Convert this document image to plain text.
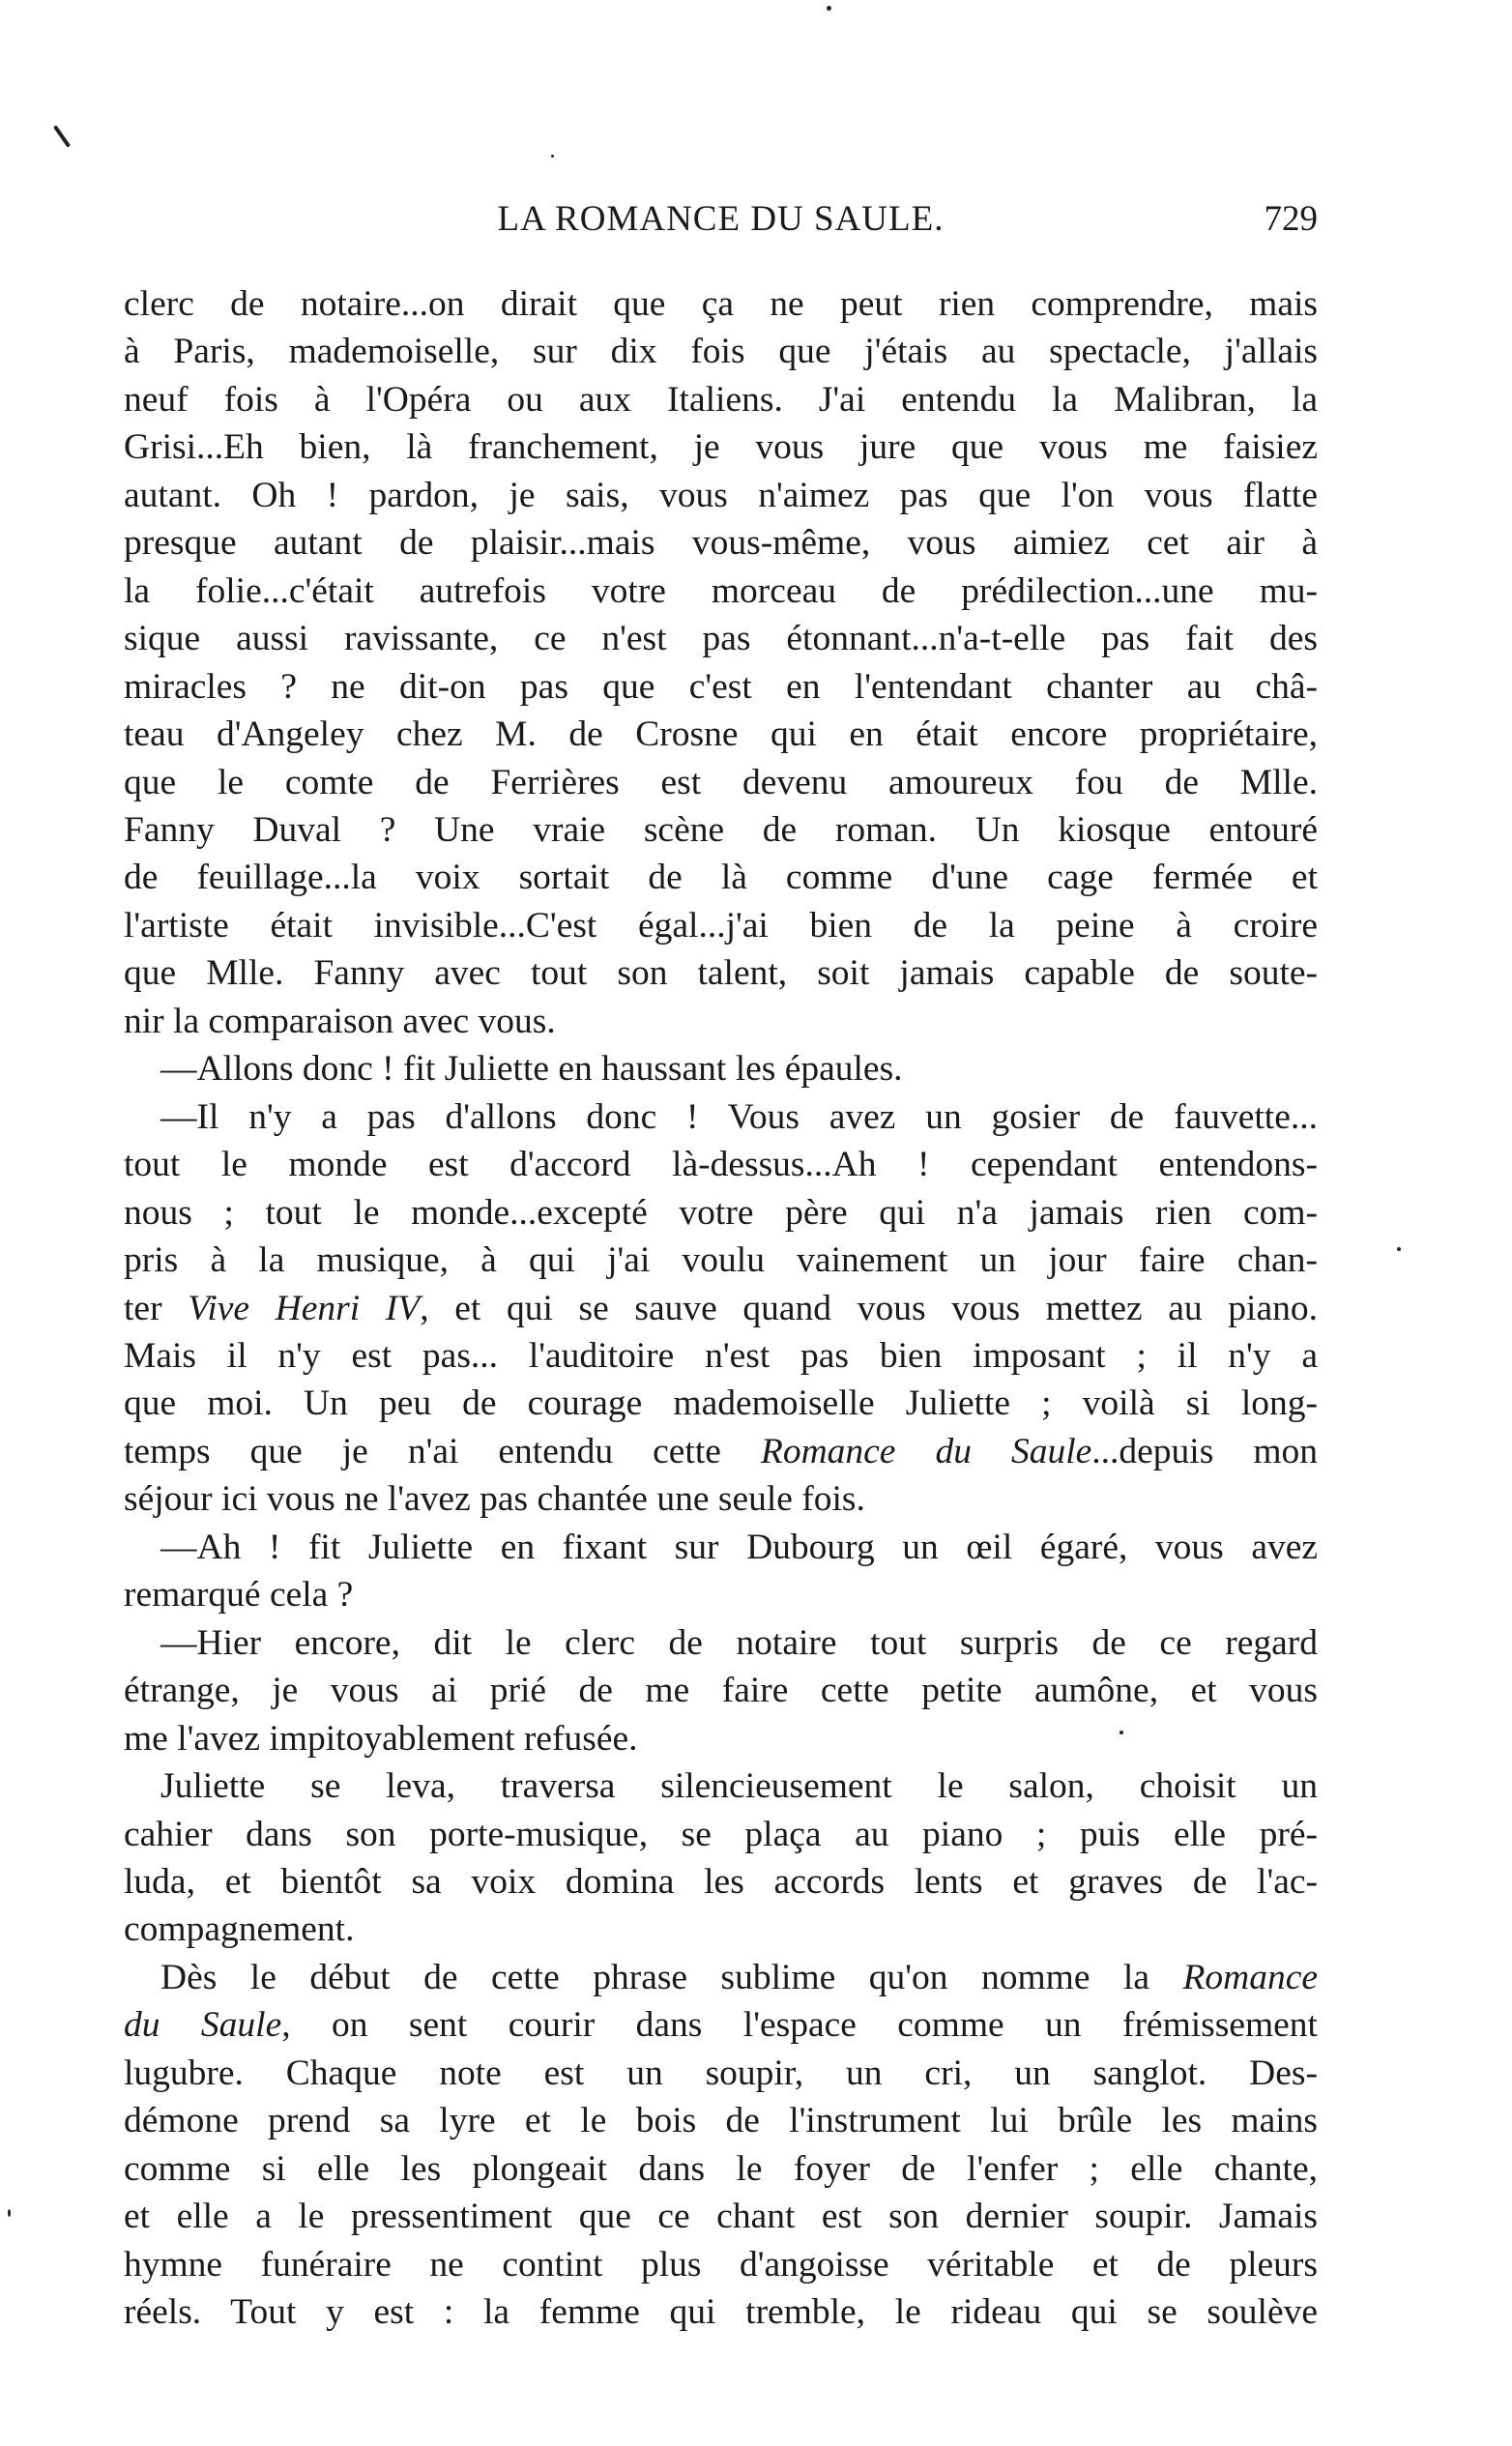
LA ROMANCE DU SAULE.	729

clerc de notaire...on dirait que ça ne peut rien comprendre, mais

à Paris, mademoiselle, sur dix fois que j'étais au spectacle, j'allais

neuf fois à l'Opéra ou aux Italiens. J'ai entendu la Malibran, la

Grisi...Eh bien, là franchement, je vous jure que vous me faisiez

autant. Oh ! pardon, je sais, vous n'aimez pas que l'on vous flatte

presque autant de plaisir...mais vous-même, vous aimiez cet air à

la folie...c'était autrefois votre morceau de prédilection...une mu-

sique aussi ravissante, ce n'est pas étonnant...n'a-t-elle pas fait des

miracles ? ne dit-on pas que c'est en l'entendant chanter au châ-

teau d'Angeley chez M. de Crosne qui en était encore propriétaire,

que le comte de Ferrières est devenu amoureux fou de Mlle.

Fanny Duval ? Une vraie scène de roman. Un kiosque entouré

de feuillage...la voix sortait de là comme d'une cage fermée et

l'artiste était invisible...C'est égal...j'ai bien de la peine à croire

que Mlle. Fanny avec tout son talent, soit jamais capable de soute-

nir la comparaison avec vous.

—Allons donc ! fit Juliette en haussant les épaules.

—Il n'y a pas d'allons donc ! Vous avez un gosier de fauvette...

tout le monde est d'accord là-dessus...Ah ! cependant entendons-

nous ; tout le monde...excepté votre père qui n'a jamais rien com-

pris à la musique, à qui j'ai voulu vainement un jour faire chan-

ter Vive Henri IV, et qui se sauve quand vous vous mettez au piano.

Mais il n'y est pas... l'auditoire n'est pas bien imposant ; il n'y a

que moi. Un peu de courage mademoiselle Juliette ; voilà si long-

temps que je n'ai entendu cette Romance du Saule...depuis mon

séjour ici vous ne l'avez pas chantée une seule fois.

—Ah ! fit Juliette en fixant sur Dubourg un œil égaré, vous avez

remarqué cela ?

—Hier encore, dit le clerc de notaire tout surpris de ce regard

étrange, je vous ai prié de me faire cette petite aumône, et vous

me l'avez impitoyablement refusée.

Juliette se leva, traversa silencieusement le salon, choisit un

cahier dans son porte-musique, se plaça au piano ; puis elle pré-

luda, et bientôt sa voix domina les accords lents et graves de l'ac-

compagnement.

Dès le début de cette phrase sublime qu'on nomme la Romance

du Saule, on sent courir dans l'espace comme un frémissement

lugubre. Chaque note est un soupir, un cri, un sanglot. Des-

démone prend sa lyre et le bois de l'instrument lui brûle les mains

comme si elle les plongeait dans le foyer de l'enfer ; elle chante,

et elle a le pressentiment que ce chant est son dernier soupir. Jamais

hymne funéraire ne contint plus d'angoisse véritable et de pleurs

réels. Tout y est : la femme qui tremble, le rideau qui se soulève
